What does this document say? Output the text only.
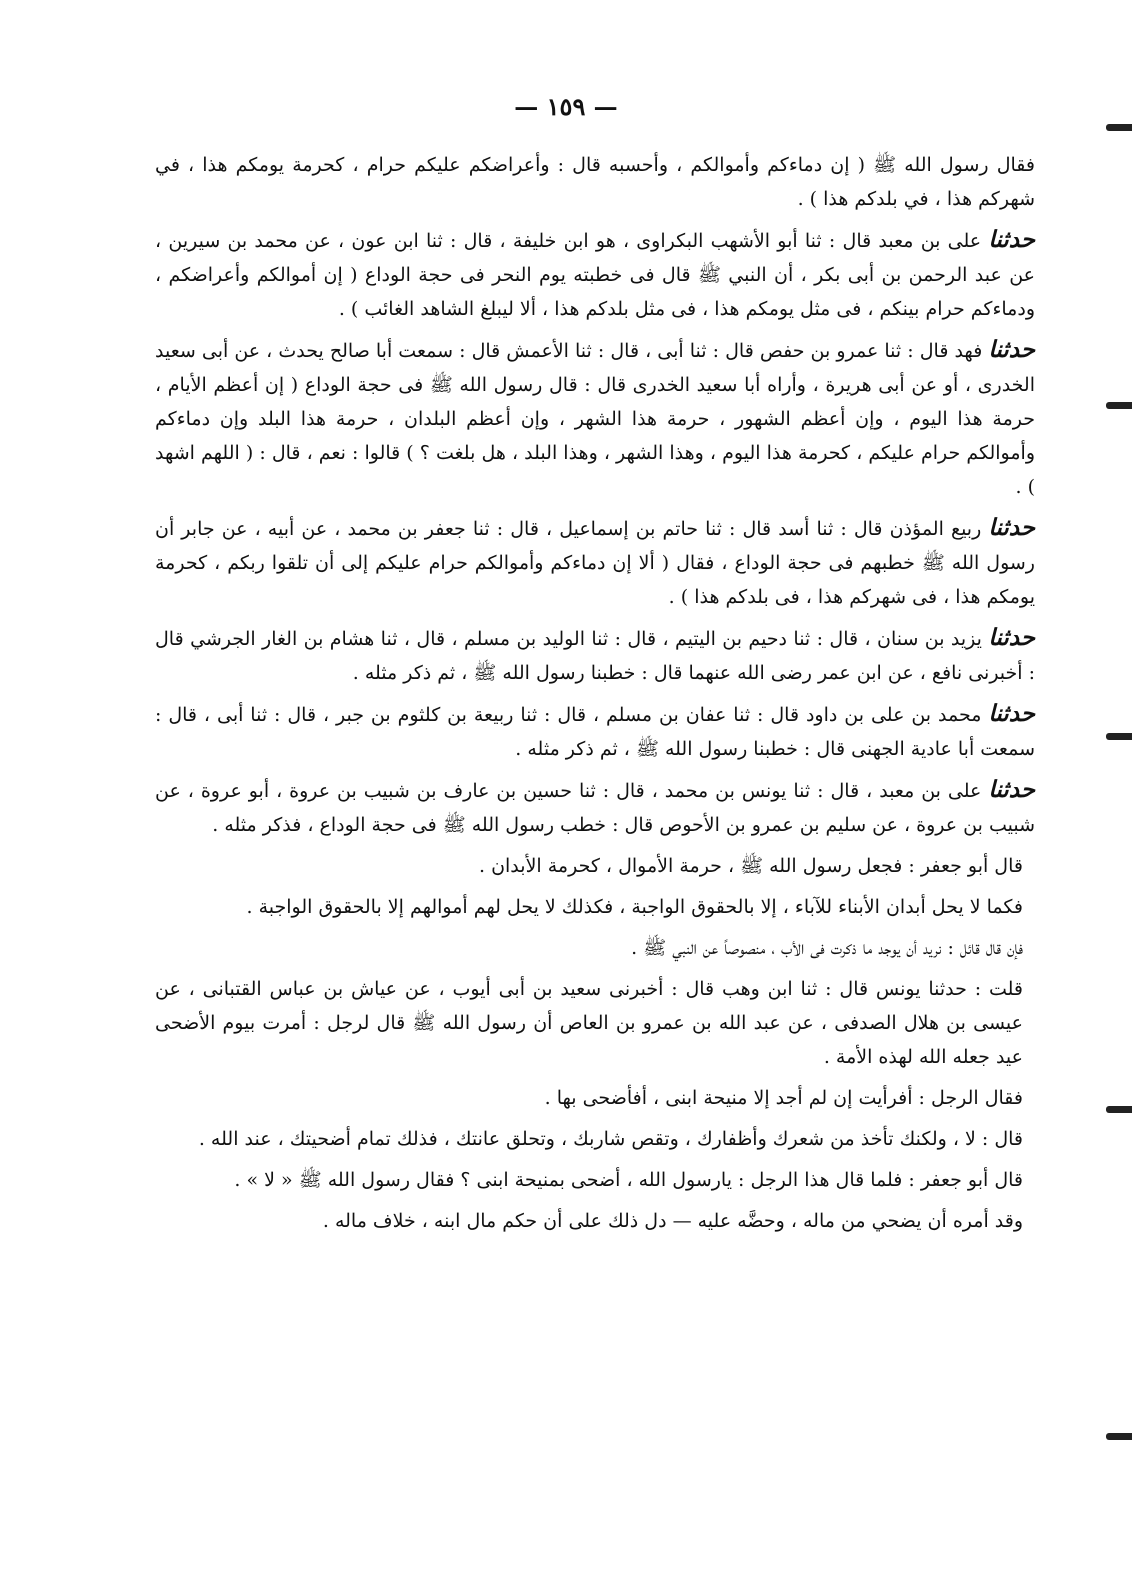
— ١٥٩ —

فقال رسول الله ﷺ ( إن دماءكم وأموالكم ، وأحسبه قال : وأعراضكم عليكم حرام ، كحرمة يومكم هذا ، في شهركم هذا ، في بلدكم هذا ) .

حدثنا على بن معبد قال : ثنا أبو الأشهب البكراوى ، هو ابن خليفة ، قال : ثنا ابن عون ، عن محمد بن سيرين ، عن عبد الرحمن بن أبى بكر ، أن النبي ﷺ قال فى خطبته يوم النحر فى حجة الوداع ( إن أموالكم وأعراضكم ، ودماءكم حرام بينكم ، فى مثل يومكم هذا ، فى مثل بلدكم هذا ، ألا ليبلغ الشاهد الغائب ) .

حدثنا فهد قال : ثنا عمرو بن حفص قال : ثنا أبى ، قال : ثنا الأعمش قال : سمعت أبا صالح يحدث ، عن أبى سعيد الخدرى ، أو عن أبى هريرة ، وأراه أبا سعيد الخدرى قال : قال رسول الله ﷺ فى حجة الوداع ( إن أعظم الأيام ، حرمة هذا اليوم ، وإن أعظم الشهور ، حرمة هذا الشهر ، وإن أعظم البلدان ، حرمة هذا البلد وإن دماءكم وأموالكم حرام عليكم ، كحرمة هذا اليوم ، وهذا الشهر ، وهذا البلد ، هل بلغت ؟ ) قالوا : نعم ، قال : ( اللهم اشهد ) .

حدثنا ربيع المؤذن قال : ثنا أسد قال : ثنا حاتم بن إسماعيل ، قال : ثنا جعفر بن محمد ، عن أبيه ، عن جابر أن رسول الله ﷺ خطبهم فى حجة الوداع ، فقال ( ألا إن دماءكم وأموالكم حرام عليكم إلى أن تلقوا ربكم ، كحرمة يومكم هذا ، فى شهركم هذا ، فى بلدكم هذا ) .

حدثنا يزيد بن سنان ، قال : ثنا دحيم بن اليتيم ، قال : ثنا الوليد بن مسلم ، قال ، ثنا هشام بن الغار الجرشي قال : أخبرنى نافع ، عن ابن عمر رضى الله عنهما قال : خطبنا رسول الله ﷺ ، ثم ذكر مثله .

حدثنا محمد بن على بن داود قال : ثنا عفان بن مسلم ، قال : ثنا ربيعة بن كلثوم بن جبر ، قال : ثنا أبى ، قال : سمعت أبا عادية الجهنى قال : خطبنا رسول الله ﷺ ، ثم ذكر مثله .

حدثنا على بن معبد ، قال : ثنا يونس بن محمد ، قال : ثنا حسين بن عارف بن شبيب بن عروة ، أبو عروة ، عن شبيب بن عروة ، عن سليم بن عمرو بن الأحوص قال : خطب رسول الله ﷺ فى حجة الوداع ، فذكر مثله .

قال أبو جعفر : فجعل رسول الله ﷺ ، حرمة الأموال ، كحرمة الأبدان .

فكما لا يحل أبدان الأبناء للآباء ، إلا بالحقوق الواجبة ، فكذلك لا يحل لهم أموالهم إلا بالحقوق الواجبة .

فإن قال قائل : نريد أن يوجد ما ذكرت فى الأب ، منصوصاً عن النبي ﷺ .

قلت : حدثنا يونس قال : ثنا ابن وهب قال : أخبرنى سعيد بن أبى أيوب ، عن عياش بن عباس القتبانى ، عن عيسى بن هلال الصدفى ، عن عبد الله بن عمرو بن العاص أن رسول الله ﷺ قال لرجل : أمرت بيوم الأضحى عيد جعله الله لهذه الأمة .

فقال الرجل : أفرأيت إن لم أجد إلا منيحة ابنى ، أفأضحى بها .

قال : لا ، ولكنك تأخذ من شعرك وأظفارك ، وتقص شاربك ، وتحلق عانتك ، فذلك تمام أضحيتك ، عند الله .

قال أبو جعفر : فلما قال هذا الرجل : يارسول الله ، أضحى بمنيحة ابنى ؟ فقال رسول الله ﷺ « لا » .

وقد أمره أن يضحي من ماله ، وحضَّه عليه — دل ذلك على أن حكم مال ابنه ، خلاف ماله .
